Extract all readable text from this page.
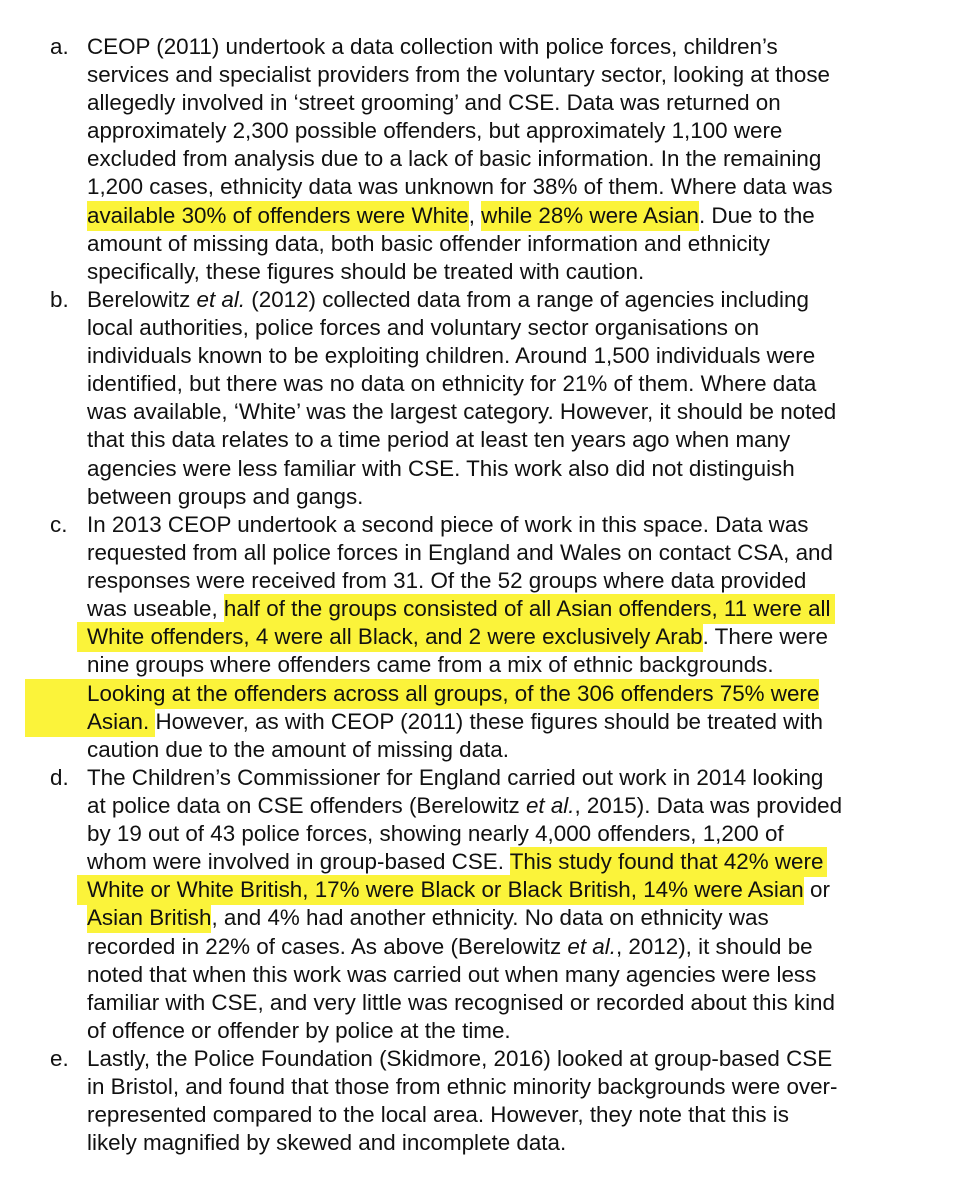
a. CEOP (2011) undertook a data collection with police forces, children’s
services and specialist providers from the voluntary sector, looking at those
allegedly involved in ‘street grooming’ and CSE. Data was returned on
approximately 2,300 possible offenders, but approximately 1,100 were
excluded from analysis due to a lack of basic information. In the remaining
1,200 cases, ethnicity data was unknown for 38% of them. Where data was
available 30% of offenders were White, while 28% were Asian. Due to the
amount of missing data, both basic offender information and ethnicity
specifically, these figures should be treated with caution.
b. Berelowitz et al. (2012) collected data from a range of agencies including
local authorities, police forces and voluntary sector organisations on
individuals known to be exploiting children. Around 1,500 individuals were
identified, but there was no data on ethnicity for 21% of them. Where data
was available, ‘White’ was the largest category. However, it should be noted
that this data relates to a time period at least ten years ago when many
agencies were less familiar with CSE. This work also did not distinguish
between groups and gangs.
c. In 2013 CEOP undertook a second piece of work in this space. Data was
requested from all police forces in England and Wales on contact CSA, and
responses were received from 31. Of the 52 groups where data provided
was useable, half of the groups consisted of all Asian offenders, 11 were all
White offenders, 4 were all Black, and 2 were exclusively Arab. There were
nine groups where offenders came from a mix of ethnic backgrounds.
Looking at the offenders across all groups, of the 306 offenders 75% were
Asian. However, as with CEOP (2011) these figures should be treated with
caution due to the amount of missing data.
d. The Children’s Commissioner for England carried out work in 2014 looking
at police data on CSE offenders (Berelowitz et al., 2015). Data was provided
by 19 out of 43 police forces, showing nearly 4,000 offenders, 1,200 of
whom were involved in group-based CSE. This study found that 42% were
White or White British, 17% were Black or Black British, 14% were Asian or
Asian British, and 4% had another ethnicity. No data on ethnicity was
recorded in 22% of cases. As above (Berelowitz et al., 2012), it should be
noted that when this work was carried out when many agencies were less
familiar with CSE, and very little was recognised or recorded about this kind
of offence or offender by police at the time.
e. Lastly, the Police Foundation (Skidmore, 2016) looked at group-based CSE
in Bristol, and found that those from ethnic minority backgrounds were over-
represented compared to the local area. However, they note that this is
likely magnified by skewed and incomplete data.
